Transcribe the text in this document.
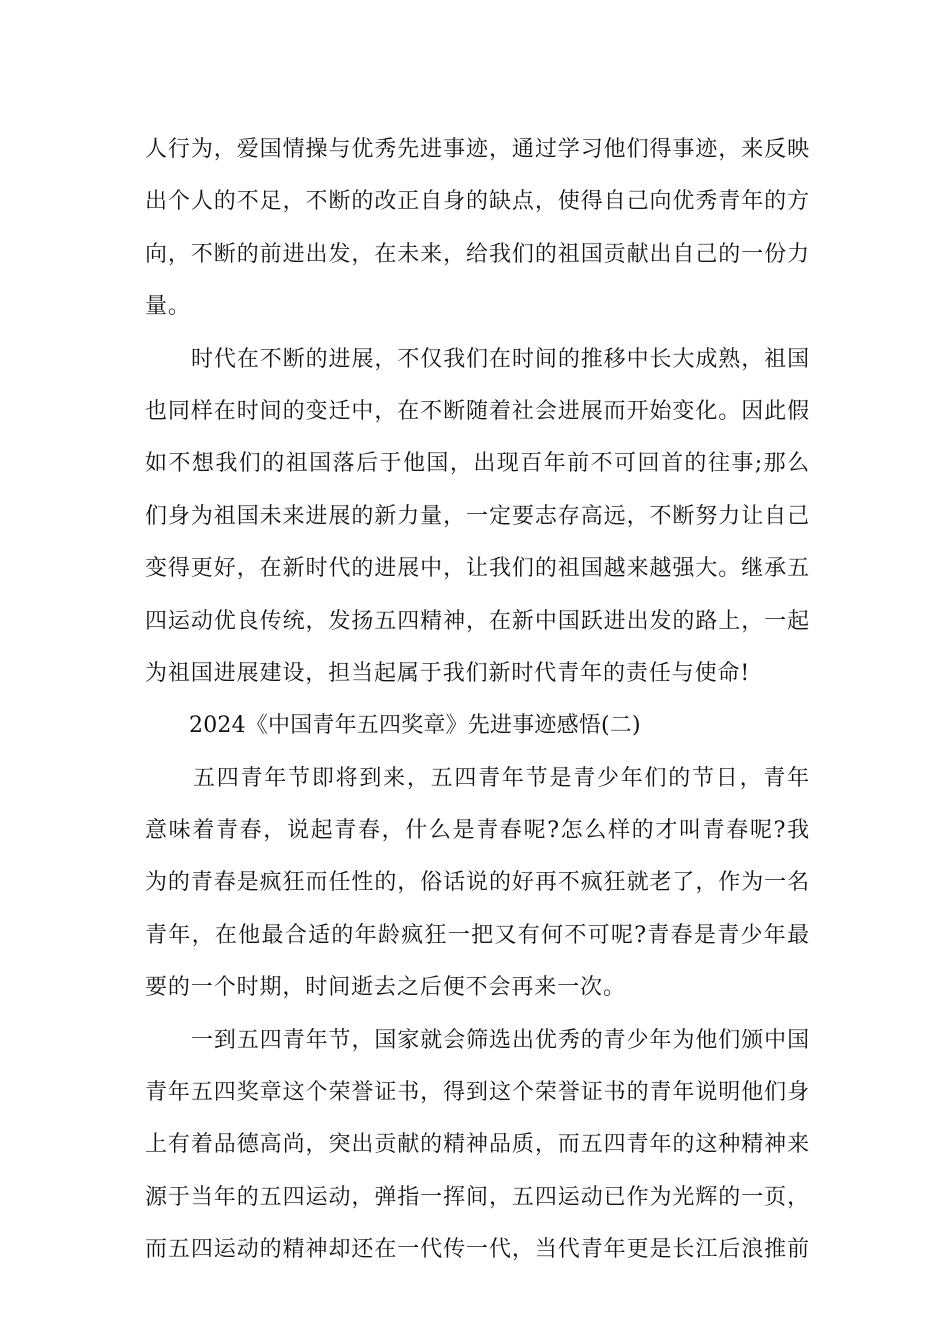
人行为，爱国情操与优秀先进事迹，通过学习他们得事迹，来反映
出个人的不足，不断的改正自身的缺点，使得自己向优秀青年的方
向，不断的前进出发，在未来，给我们的祖国贡献出自己的一份力
量。
时代在不断的进展，不仅我们在时间的推移中长大成熟，祖国
也同样在时间的变迁中，在不断随着社会进展而开始变化。因此假
如不想我们的祖国落后于他国，出现百年前不可回首的往事;那么
们身为祖国未来进展的新力量，一定要志存高远，不断努力让自己
变得更好，在新时代的进展中，让我们的祖国越来越强大。继承五
四运动优良传统，发扬五四精神，在新中国跃进出发的路上，一起
为祖国进展建设，担当起属于我们新时代青年的责任与使命!
2024《中国青年五四奖章》先进事迹感悟(二)
五四青年节即将到来，五四青年节是青少年们的节日，青年
意味着青春，说起青春，什么是青春呢?怎么样的才叫青春呢?我
为的青春是疯狂而任性的，俗话说的好再不疯狂就老了，作为一名
青年，在他最合适的年龄疯狂一把又有何不可呢?青春是青少年最
要的一个时期，时间逝去之后便不会再来一次。
一到五四青年节，国家就会筛选出优秀的青少年为他们颁中国
青年五四奖章这个荣誉证书，得到这个荣誉证书的青年说明他们身
上有着品德高尚，突出贡献的精神品质，而五四青年的这种精神来
源于当年的五四运动，弹指一挥间，五四运动已作为光辉的一页，
而五四运动的精神却还在一代传一代，当代青年更是长江后浪推前
